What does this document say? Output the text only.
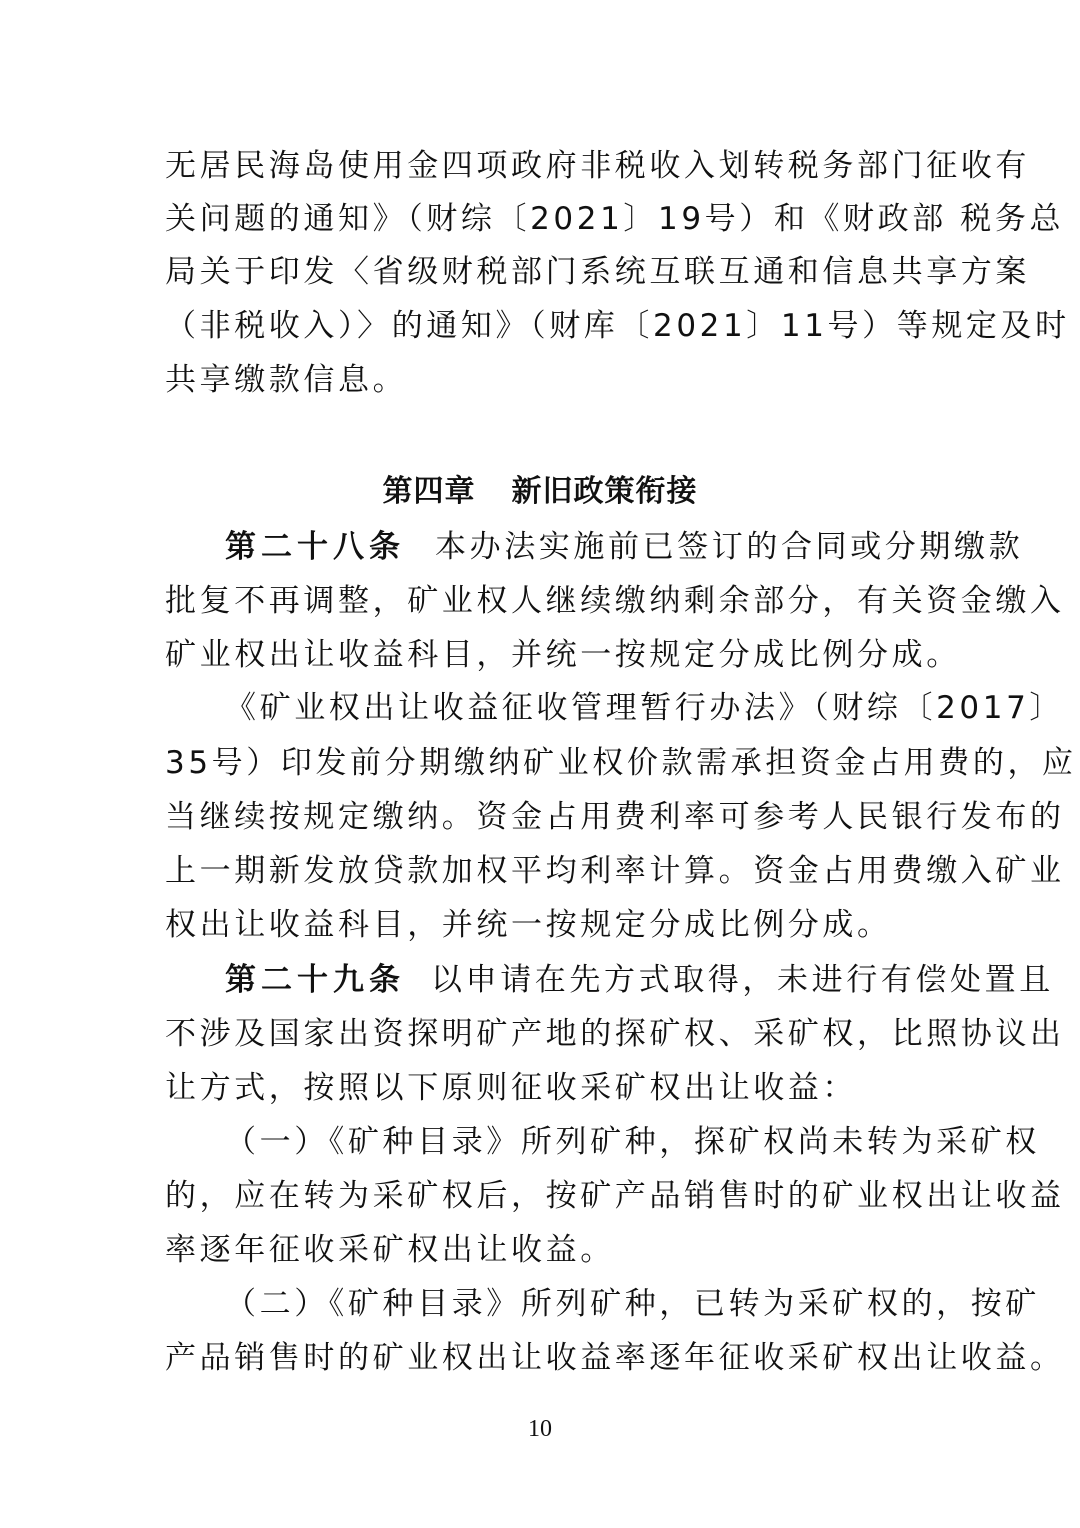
无居民海岛使用金四项政府非税收入划转税务部门征收有
关问题的通知》（财综〔2021〕19号）和《财政部 税务总
局关于印发〈省级财税部门系统互联互通和信息共享方案
（非税收入）〉的通知》（财库〔2021〕11号）等规定及时
共享缴款信息。
第四章 新旧政策衔接
第二十八条 本办法实施前已签订的合同或分期缴款
批复不再调整，矿业权人继续缴纳剩余部分，有关资金缴入
矿业权出让收益科目，并统一按规定分成比例分成。
《矿业权出让收益征收管理暂行办法》（财综〔2017〕
35号）印发前分期缴纳矿业权价款需承担资金占用费的，应
当继续按规定缴纳。资金占用费利率可参考人民银行发布的
上一期新发放贷款加权平均利率计算。资金占用费缴入矿业
权出让收益科目，并统一按规定分成比例分成。
第二十九条 以申请在先方式取得，未进行有偿处置且
不涉及国家出资探明矿产地的探矿权、采矿权，比照协议出
让方式，按照以下原则征收采矿权出让收益：
（一）《矿种目录》所列矿种，探矿权尚未转为采矿权
的，应在转为采矿权后，按矿产品销售时的矿业权出让收益
率逐年征收采矿权出让收益。
（二）《矿种目录》所列矿种，已转为采矿权的，按矿
产品销售时的矿业权出让收益率逐年征收采矿权出让收益。
10
